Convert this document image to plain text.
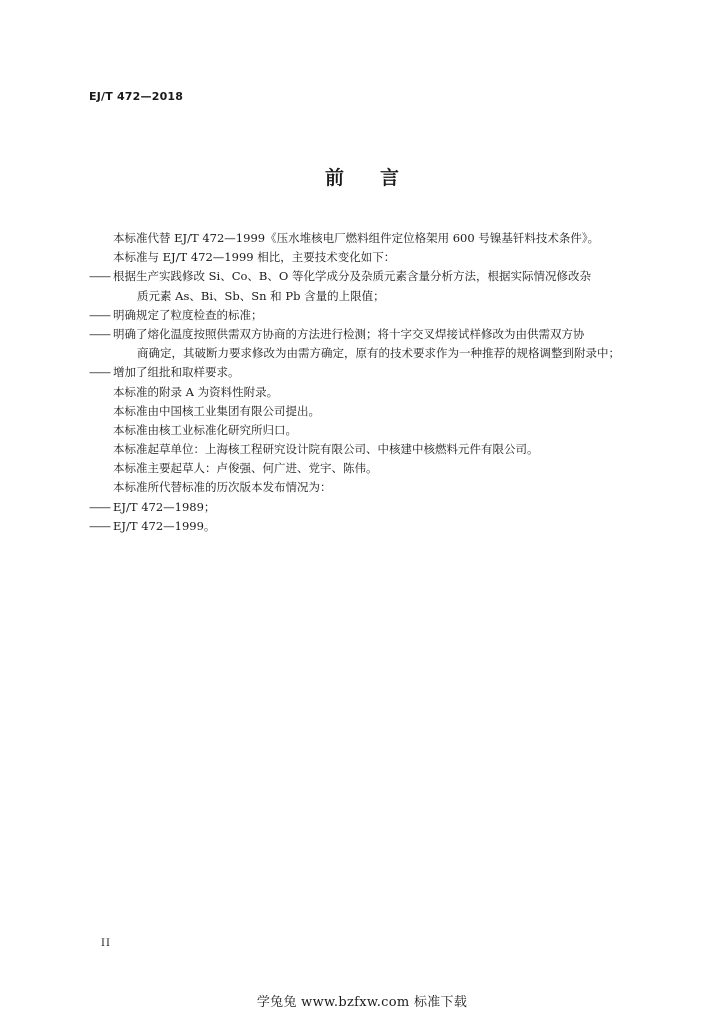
EJ/T 472—2018
前言
本标准代替 EJ/T 472—1999《压水堆核电厂燃料组件定位格架用 600 号镍基钎料技术条件》。
本标准与 EJ/T 472—1999 相比，主要技术变化如下：
—— 根据生产实践修改 Si、Co、B、O 等化学成分及杂质元素含量分析方法，根据实际情况修改杂
质元素 As、Bi、Sb、Sn 和 Pb 含量的上限值；
—— 明确规定了粒度检查的标准；
—— 明确了熔化温度按照供需双方协商的方法进行检测；将十字交叉焊接试样修改为由供需双方协
商确定，其破断力要求修改为由需方确定，原有的技术要求作为一种推荐的规格调整到附录中；
—— 增加了组批和取样要求。
本标准的附录 A 为资料性附录。
本标准由中国核工业集团有限公司提出。
本标准由核工业标准化研究所归口。
本标准起草单位：上海核工程研究设计院有限公司、中核建中核燃料元件有限公司。
本标准主要起草人：卢俊强、何广进、党宇、陈伟。
本标准所代替标准的历次版本发布情况为：
—— EJ/T 472—1989；
—— EJ/T 472—1999。
II
学兔兔 www.bzfxw.com 标准下载
